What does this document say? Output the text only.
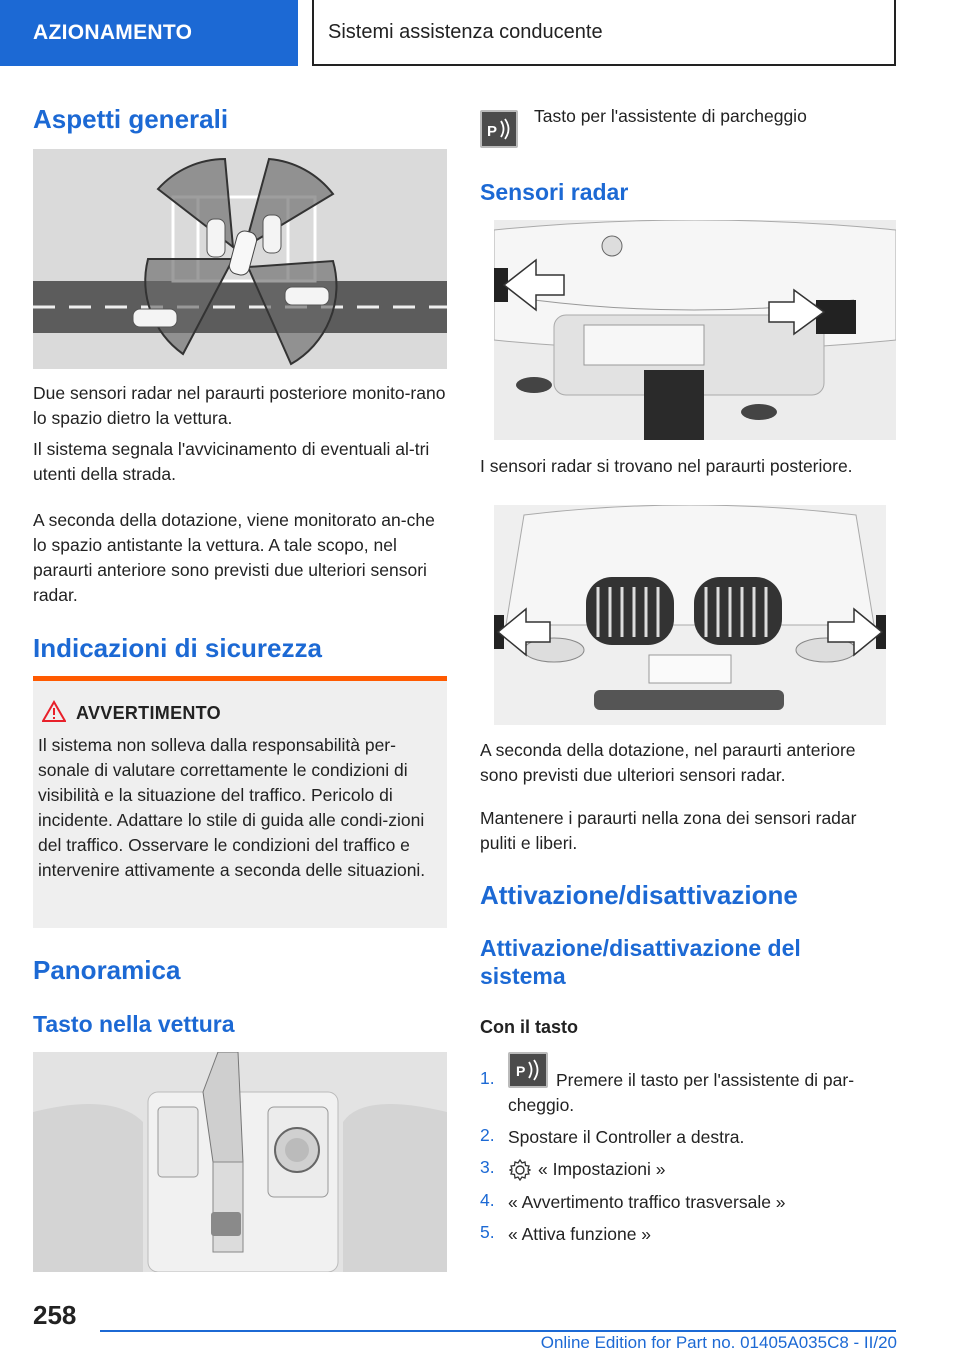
AZIONAMENTO	Sistemi assistenza conducente
Aspetti generali

Due sensori radar nel paraurti posteriore monito-rano lo spazio dietro la vettura.

Il sistema segnala l'avvicinamento di eventuali al-tri utenti della strada.

A seconda della dotazione, viene monitorato an-che lo spazio antistante la vettura. A tale scopo, nel paraurti anteriore sono previsti due ulteriori sensori radar.

Indicazioni di sicurezza
AVVERTIMENTO

Il sistema non solleva dalla responsabilità per-sonale di valutare correttamente le condizioni di visibilità e la situazione del traffico. Pericolo di incidente. Adattare lo stile di guida alle condi-zioni del traffico. Osservare le condizioni del traffico e intervenire attivamente a seconda delle situazioni.

Panoramica
Tasto nella vettura
P

Tasto per l'assistente di parcheggio

Sensori radar

I sensori radar si trovano nel paraurti posteriore.

A seconda della dotazione, nel paraurti anteriore sono previsti due ulteriori sensori radar.

Mantenere i paraurti nella zona dei sensori radar puliti e liberi.

Attivazione/disattivazione
Attivazione/disattivazione del sistema
Con il tasto
1. P	Premere il tasto per l'assistente di par-cheggio.

2. Spostare il Controller a destra.

3. « Impostazioni »

4. « Avvertimento traffico trasversale »

5. « Attiva funzione »

258
Online Edition for Part no. 01405A035C8 - II/20
